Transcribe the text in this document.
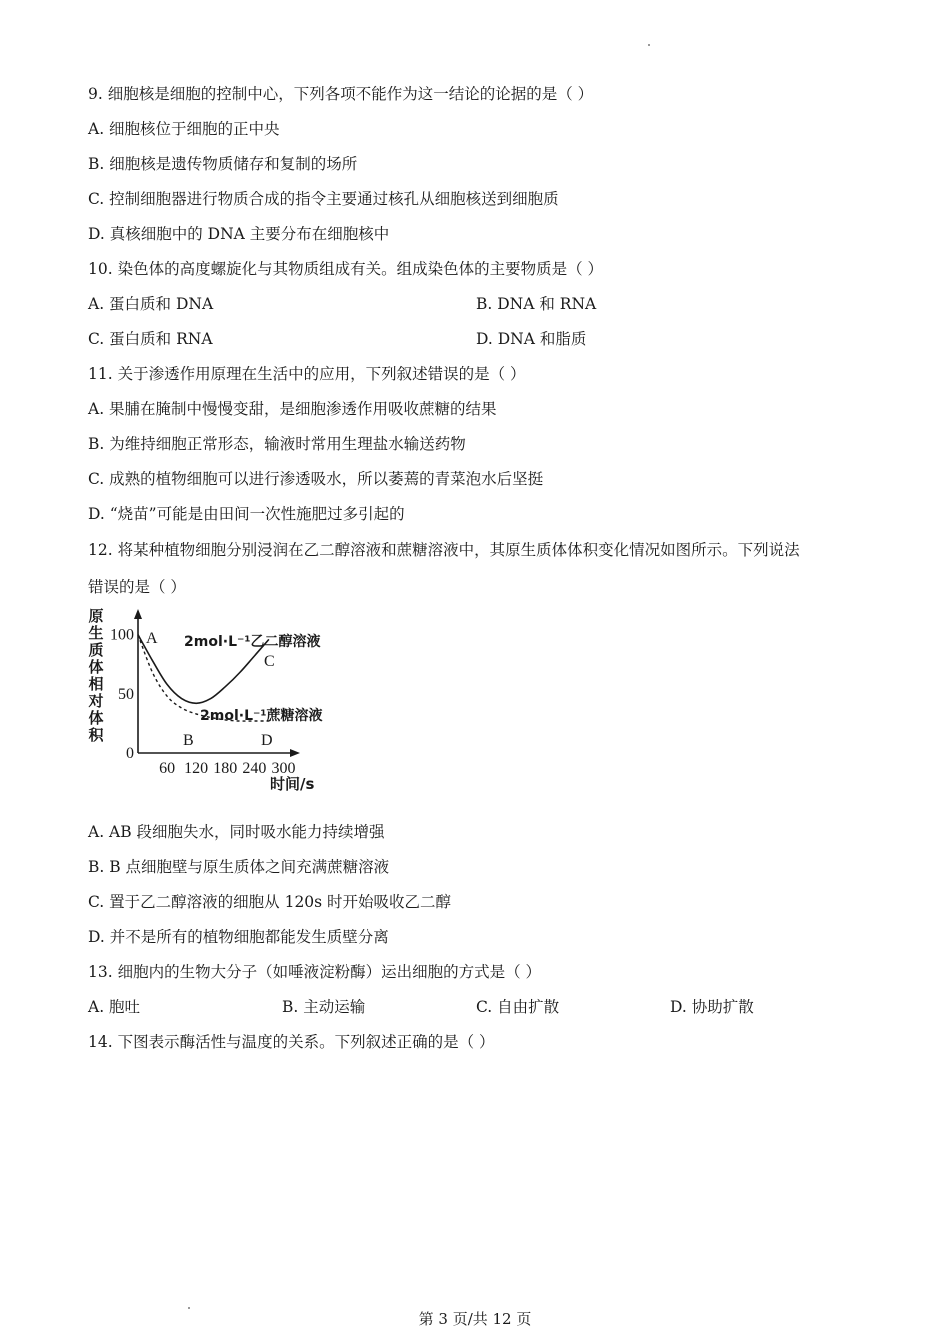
9. 细胞核是细胞的控制中心，下列各项不能作为这一结论的论据的是（ ）
A. 细胞核位于细胞的正中央
B. 细胞核是遗传物质储存和复制的场所
C. 控制细胞器进行物质合成的指令主要通过核孔从细胞核送到细胞质
D. 真核细胞中的 DNA 主要分布在细胞核中
10. 染色体的高度螺旋化与其物质组成有关。组成染色体的主要物质是（ ）
A. 蛋白质和 DNA	B. DNA 和 RNA
C. 蛋白质和 RNA	D. DNA 和脂质
11. 关于渗透作用原理在生活中的应用，下列叙述错误的是（ ）
A. 果脯在腌制中慢慢变甜，是细胞渗透作用吸收蔗糖的结果
B. 为维持细胞正常形态，输液时常用生理盐水输送药物
C. 成熟的植物细胞可以进行渗透吸水，所以萎蔫的青菜泡水后坚挺
D. “烧苗”可能是由田间一次性施肥过多引起的
12. 将某种植物细胞分别浸润在乙二醇溶液和蔗糖溶液中，其原生质体体积变化情况如图所示。下列说法
错误的是（ ）
原生质体相对体积
0
50
100
60 120 180 240 300
A
B
C
D
2mol·L⁻¹乙二醇溶液
2mol·L⁻¹蔗糖溶液
时间/s
A. AB 段细胞失水，同时吸水能力持续增强
B. B 点细胞壁与原生质体之间充满蔗糖溶液
C. 置于乙二醇溶液的细胞从 120s 时开始吸收乙二醇
D. 并不是所有的植物细胞都能发生质壁分离
13. 细胞内的生物大分子（如唾液淀粉酶）运出细胞的方式是（ ）
A. 胞吐	B. 主动运输	C. 自由扩散	D. 协助扩散
14. 下图表示酶活性与温度的关系。下列叙述正确的是（ ）
第 3 页/共 12 页
